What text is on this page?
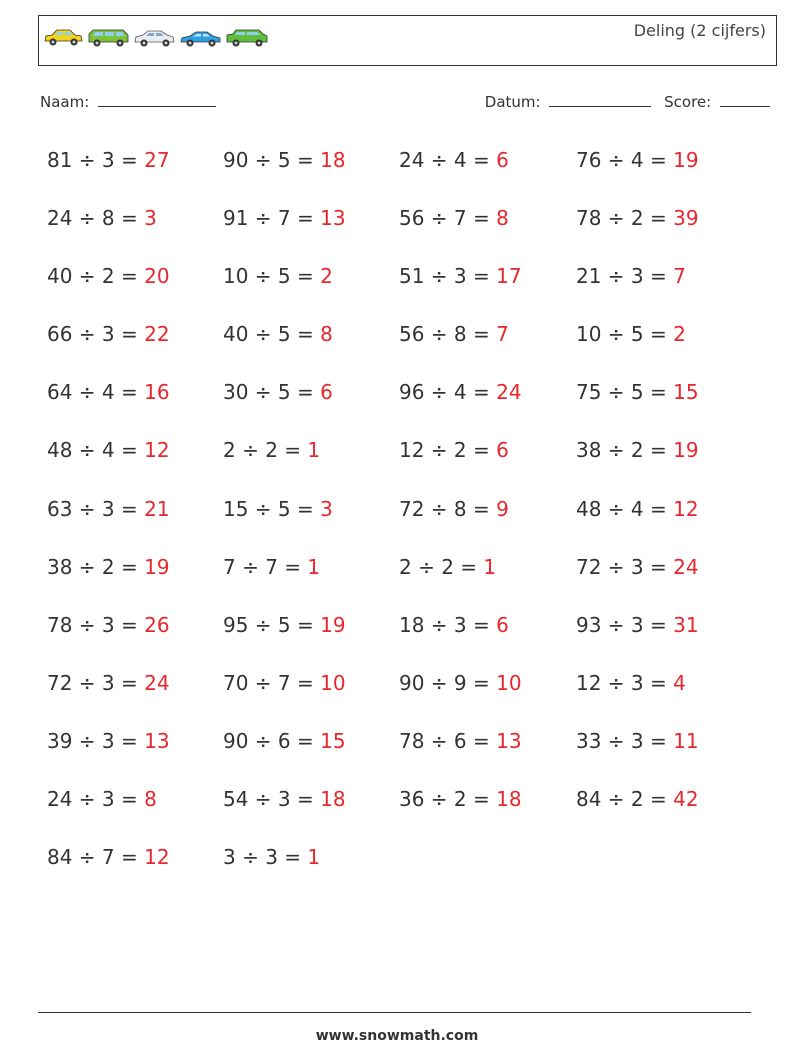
Deling (2 cijfers)
Naam:	Datum:	Score:
81 ÷ 3 = 27	90 ÷ 5 = 18	24 ÷ 4 = 6	76 ÷ 4 = 19
24 ÷ 8 = 3	91 ÷ 7 = 13	56 ÷ 7 = 8	78 ÷ 2 = 39
40 ÷ 2 = 20	10 ÷ 5 = 2	51 ÷ 3 = 17	21 ÷ 3 = 7
66 ÷ 3 = 22	40 ÷ 5 = 8	56 ÷ 8 = 7	10 ÷ 5 = 2
64 ÷ 4 = 16	30 ÷ 5 = 6	96 ÷ 4 = 24	75 ÷ 5 = 15
48 ÷ 4 = 12	2 ÷ 2 = 1	12 ÷ 2 = 6	38 ÷ 2 = 19
63 ÷ 3 = 21	15 ÷ 5 = 3	72 ÷ 8 = 9	48 ÷ 4 = 12
38 ÷ 2 = 19	7 ÷ 7 = 1	2 ÷ 2 = 1	72 ÷ 3 = 24
78 ÷ 3 = 26	95 ÷ 5 = 19	18 ÷ 3 = 6	93 ÷ 3 = 31
72 ÷ 3 = 24	70 ÷ 7 = 10	90 ÷ 9 = 10	12 ÷ 3 = 4
39 ÷ 3 = 13	90 ÷ 6 = 15	78 ÷ 6 = 13	33 ÷ 3 = 11
24 ÷ 3 = 8	54 ÷ 3 = 18	36 ÷ 2 = 18	84 ÷ 2 = 42
84 ÷ 7 = 12	3 ÷ 3 = 1
www.snowmath.com
